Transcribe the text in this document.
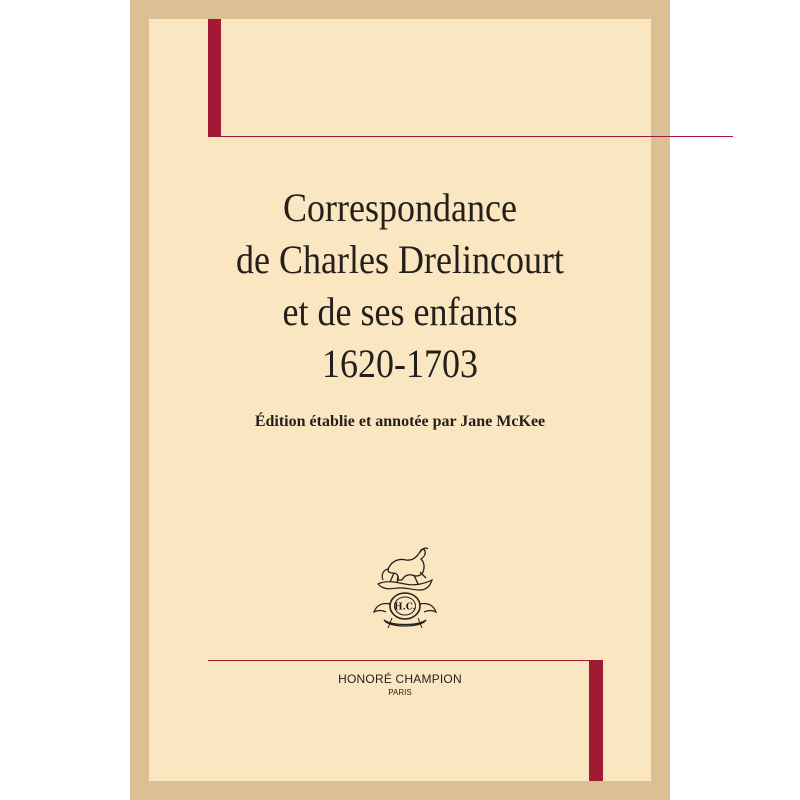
Correspondance
de Charles Drelincourt
et de ses enfants
1620-1703
Édition établie et annotée par Jane McKee
H.C.
HONORÉ CHAMPION
PARIS
